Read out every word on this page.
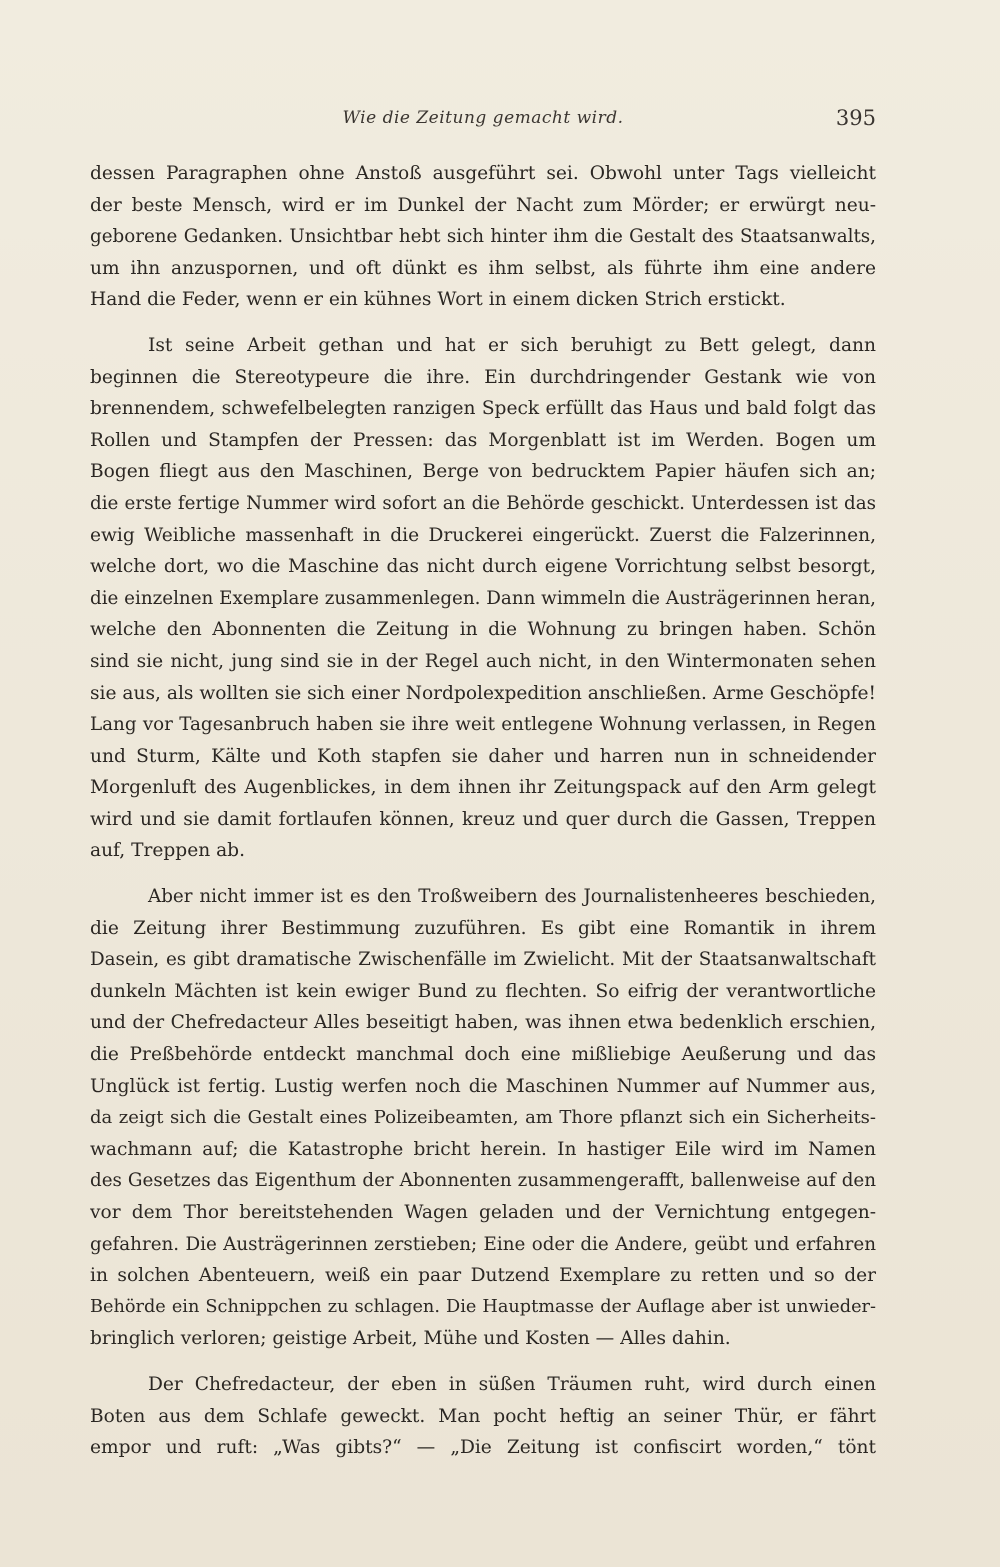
Wie die Zeitung gemacht wird.	395
dessen Paragraphen ohne Anstoß ausgeführt sei. Obwohl unter Tags vielleicht
der beste Mensch, wird er im Dunkel der Nacht zum Mörder; er erwürgt neu-
geborene Gedanken. Unsichtbar hebt sich hinter ihm die Gestalt des Staatsanwalts,
um ihn anzuspornen, und oft dünkt es ihm selbst, als führte ihm eine andere
Hand die Feder, wenn er ein kühnes Wort in einem dicken Strich erstickt.
Ist seine Arbeit gethan und hat er sich beruhigt zu Bett gelegt, dann
beginnen die Stereotypeure die ihre. Ein durchdringender Gestank wie von
brennendem, schwefelbelegten ranzigen Speck erfüllt das Haus und bald folgt das
Rollen und Stampfen der Pressen: das Morgenblatt ist im Werden. Bogen um
Bogen fliegt aus den Maschinen, Berge von bedrucktem Papier häufen sich an;
die erste fertige Nummer wird sofort an die Behörde geschickt. Unterdessen ist das
ewig Weibliche massenhaft in die Druckerei eingerückt. Zuerst die Falzerinnen,
welche dort, wo die Maschine das nicht durch eigene Vorrichtung selbst besorgt,
die einzelnen Exemplare zusammenlegen. Dann wimmeln die Austrägerinnen heran,
welche den Abonnenten die Zeitung in die Wohnung zu bringen haben. Schön
sind sie nicht, jung sind sie in der Regel auch nicht, in den Wintermonaten sehen
sie aus, als wollten sie sich einer Nordpolexpedition anschließen. Arme Geschöpfe!
Lang vor Tagesanbruch haben sie ihre weit entlegene Wohnung verlassen, in Regen
und Sturm, Kälte und Koth stapfen sie daher und harren nun in schneidender
Morgenluft des Augenblickes, in dem ihnen ihr Zeitungspack auf den Arm gelegt
wird und sie damit fortlaufen können, kreuz und quer durch die Gassen, Treppen
auf, Treppen ab.
Aber nicht immer ist es den Troßweibern des Journalistenheeres beschieden,
die Zeitung ihrer Bestimmung zuzuführen. Es gibt eine Romantik in ihrem
Dasein, es gibt dramatische Zwischenfälle im Zwielicht. Mit der Staatsanwaltschaft
dunkeln Mächten ist kein ewiger Bund zu flechten. So eifrig der verantwortliche
und der Chefredacteur Alles beseitigt haben, was ihnen etwa bedenklich erschien,
die Preßbehörde entdeckt manchmal doch eine mißliebige Aeußerung und das
Unglück ist fertig. Lustig werfen noch die Maschinen Nummer auf Nummer aus,
da zeigt sich die Gestalt eines Polizeibeamten, am Thore pflanzt sich ein Sicherheits-
wachmann auf; die Katastrophe bricht herein. In hastiger Eile wird im Namen
des Gesetzes das Eigenthum der Abonnenten zusammengerafft, ballenweise auf den
vor dem Thor bereitstehenden Wagen geladen und der Vernichtung entgegen-
gefahren. Die Austrägerinnen zerstieben; Eine oder die Andere, geübt und erfahren
in solchen Abenteuern, weiß ein paar Dutzend Exemplare zu retten und so der
Behörde ein Schnippchen zu schlagen. Die Hauptmasse der Auflage aber ist unwieder-
bringlich verloren; geistige Arbeit, Mühe und Kosten — Alles dahin.
Der Chefredacteur, der eben in süßen Träumen ruht, wird durch einen
Boten aus dem Schlafe geweckt. Man pocht heftig an seiner Thür, er fährt
empor und ruft: „Was gibts?“ — „Die Zeitung ist confiscirt worden,“ tönt
